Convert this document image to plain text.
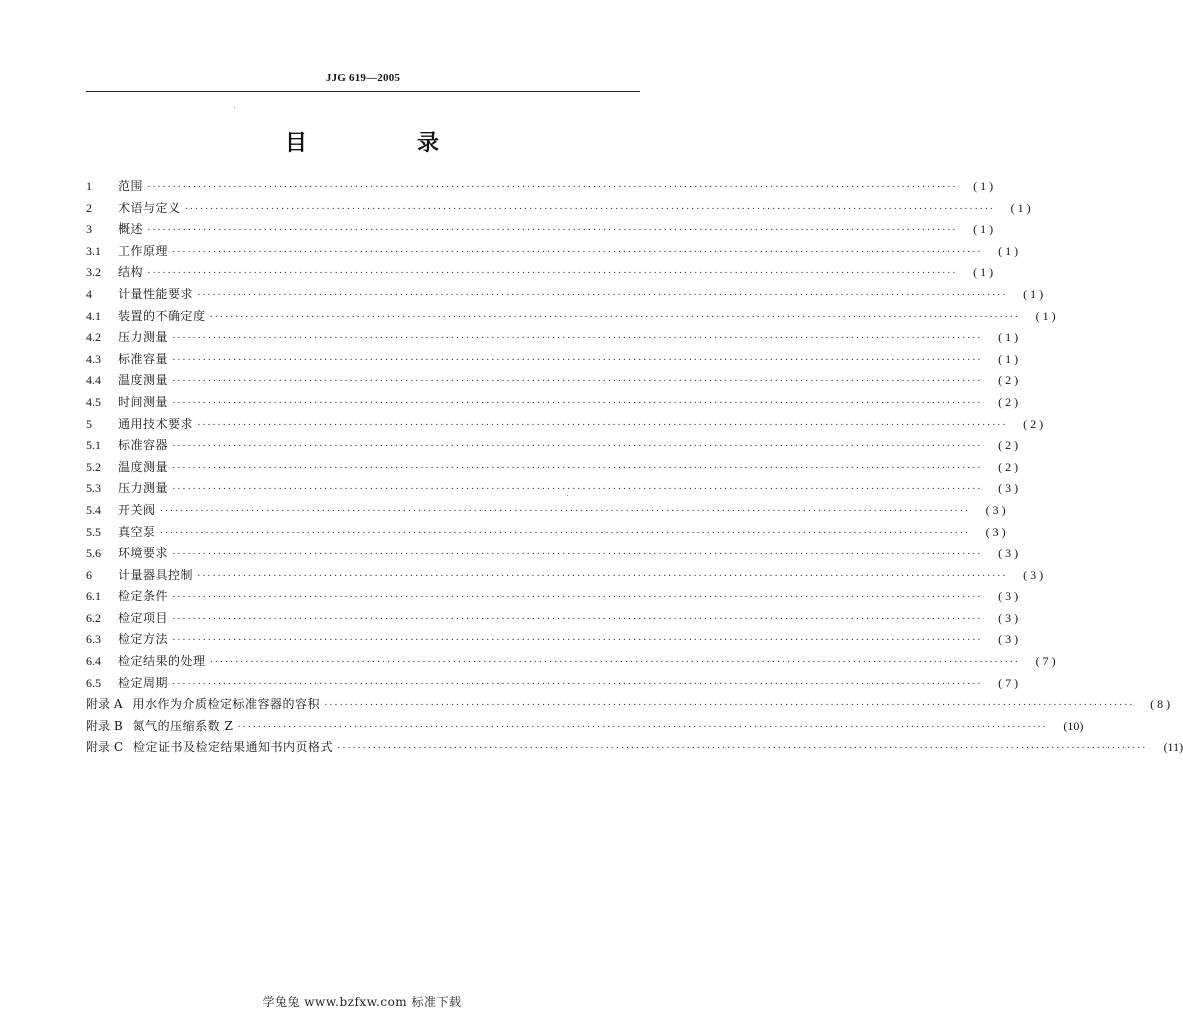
JJG 619—2005
目　录
1	范围 ································································································································································	( 1 )
2	术语与定义 ································································································································································	( 1 )
3	概述 ································································································································································	( 1 )
3.1	工作原理 ································································································································································	( 1 )
3.2	结构 ································································································································································	( 1 )
4	计量性能要求 ································································································································································	( 1 )
4.1	装置的不确定度 ································································································································································	( 1 )
4.2	压力测量 ································································································································································	( 1 )
4.3	标准容量 ································································································································································	( 1 )
4.4	温度测量 ································································································································································	( 2 )
4.5	时间测量 ································································································································································	( 2 )
5	通用技术要求 ································································································································································	( 2 )
5.1	标准容器 ································································································································································	( 2 )
5.2	温度测量 ································································································································································	( 2 )
5.3	压力测量 ································································································································································	( 3 )
5.4	开关阀 ································································································································································	( 3 )
5.5	真空泵 ································································································································································	( 3 )
5.6	环境要求 ································································································································································	( 3 )
6	计量器具控制 ································································································································································	( 3 )
6.1	检定条件 ································································································································································	( 3 )
6.2	检定项目 ································································································································································	( 3 )
6.3	检定方法 ································································································································································	( 3 )
6.4	检定结果的处理 ································································································································································	( 7 )
6.5	检定周期 ································································································································································	( 7 )
附录 A 用水作为介质检定标准容器的容积 ································································································································································	( 8 )
附录 B 氮气的压缩系数 Z ································································································································································	(10)
附录 C 检定证书及检定结果通知书内页格式 ································································································································································	(11)
学兔兔 www.bzfxw.com 标准下载
